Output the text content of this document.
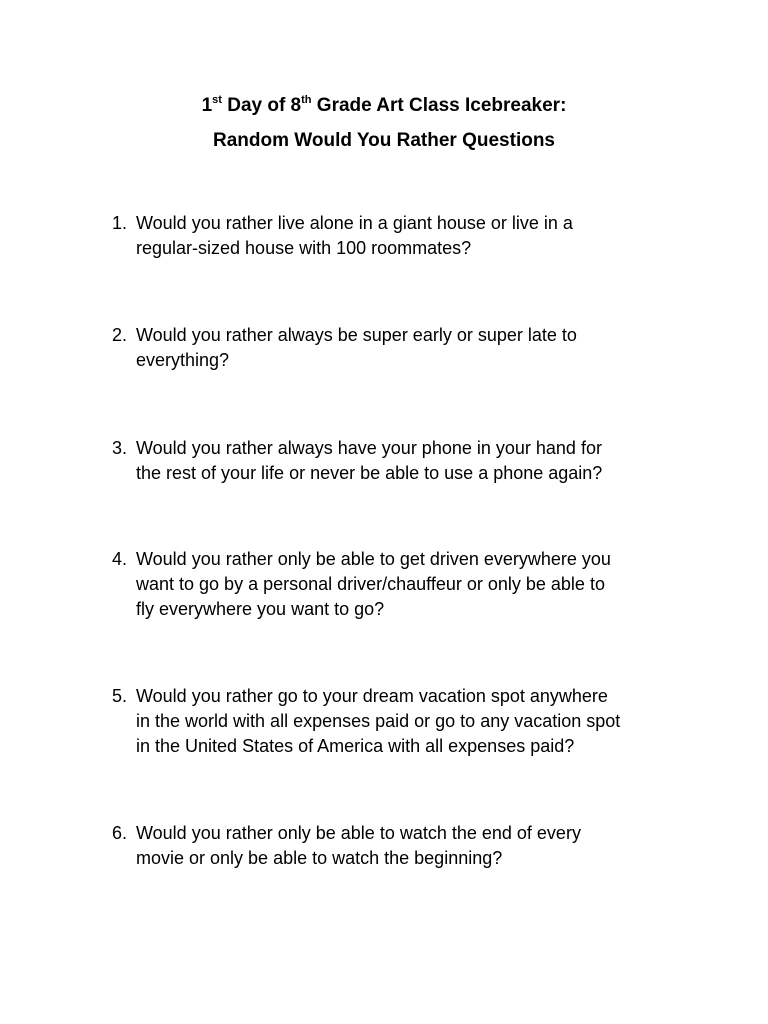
1st Day of 8th Grade Art Class Icebreaker:
Random Would You Rather Questions
1. Would you rather live alone in a giant house or live in a
regular-sized house with 100 roommates?
2. Would you rather always be super early or super late to
everything?
3. Would you rather always have your phone in your hand for
the rest of your life or never be able to use a phone again?
4. Would you rather only be able to get driven everywhere you
want to go by a personal driver/chauffeur or only be able to
fly everywhere you want to go?
5. Would you rather go to your dream vacation spot anywhere
in the world with all expenses paid or go to any vacation spot
in the United States of America with all expenses paid?
6. Would you rather only be able to watch the end of every
movie or only be able to watch the beginning?
